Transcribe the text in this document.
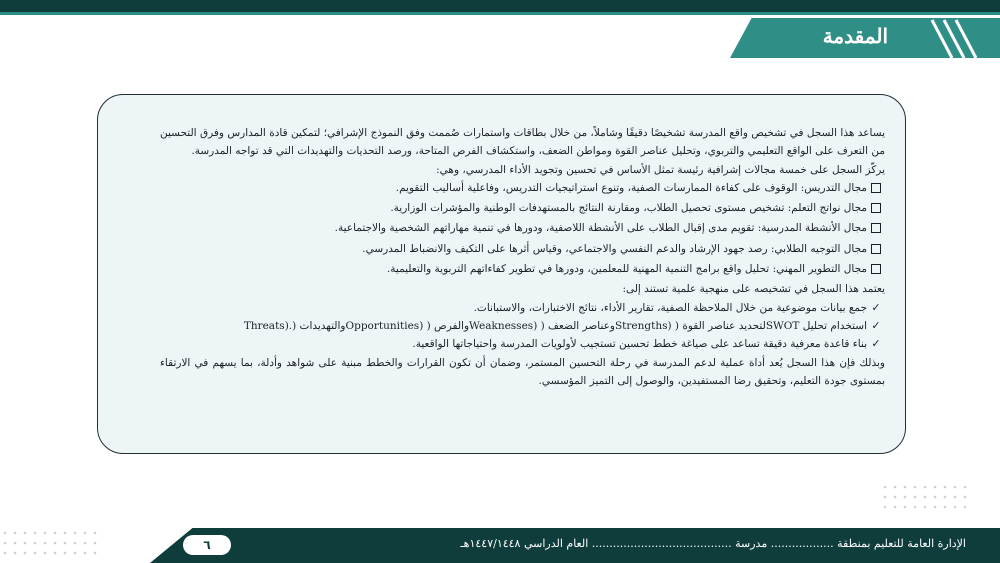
المقدمة

يساعد هذا السجل في تشخيص واقع المدرسة تشخيصًا دقيقًا وشاملاً، من خلال بطاقات واستمارات صُممت وفق النموذج الإشرافي؛ لتمكين قادة المدارس وفرق التحسين من التعرف على الواقع التعليمي والتربوي، وتحليل عناصر القوة ومواطن الضعف، واستكشاف الفرص المتاحة، ورصد التحديات والتهديدات التي قد تواجه المدرسة.

يركّز السجل على خمسة مجالات إشرافية رئيسة تمثل الأساس في تحسين وتجويد الأداء المدرسي، وهي:

مجال التدريس: الوقوف على كفاءة الممارسات الصفية، وتنوع استراتيجيات التدريس، وفاعلية أساليب التقويم.
مجال نواتج التعلم: تشخيص مستوى تحصيل الطلاب، ومقارنة النتائج بالمستهدفات الوطنية والمؤشرات الوزارية.
مجال الأنشطة المدرسية: تقويم مدى إقبال الطلاب على الأنشطة اللاصفية، ودورها في تنمية مهاراتهم الشخصية والاجتماعية.
مجال التوجيه الطلابي: رصد جهود الإرشاد والدعم النفسي والاجتماعي، وقياس أثرها على التكيف والانضباط المدرسي.
مجال التطوير المهني: تحليل واقع برامج التنمية المهنية للمعلمين، ودورها في تطوير كفاءاتهم التربوية والتعليمية.

يعتمد هذا السجل في تشخيصه على منهجية علمية تستند إلى:

✓
جمع بيانات موضوعية من خلال الملاحظة الصفية، تقارير الأداء، نتائج الاختبارات، والاستبانات.
✓
استخدام تحليل SWOTلتحديد عناصر القوة ( (Strengthsوعناصر الضعف ( (Weaknessesوالفرص ( (Opportunitiesوالتهديدات (.(Threats
✓
بناء قاعدة معرفية دقيقة تساعد على صياغة خطط تحسين تستجيب لأولويات المدرسة واحتياجاتها الواقعية.

وبذلك فإن هذا السجل يُعد أداة عملية لدعم المدرسة في رحلة التحسين المستمر، وضمان أن تكون القرارات والخطط مبنية على شواهد وأدلة، بما يسهم في الارتقاء بمستوى جودة التعليم، وتحقيق رضا المستفيدين، والوصول إلى التميز المؤسسي.

الإدارة العامة للتعليم بمنطقة .................. مدرسة ........................................ العام الدراسي ١٤٤٧/١٤٤٨هـ
٦
